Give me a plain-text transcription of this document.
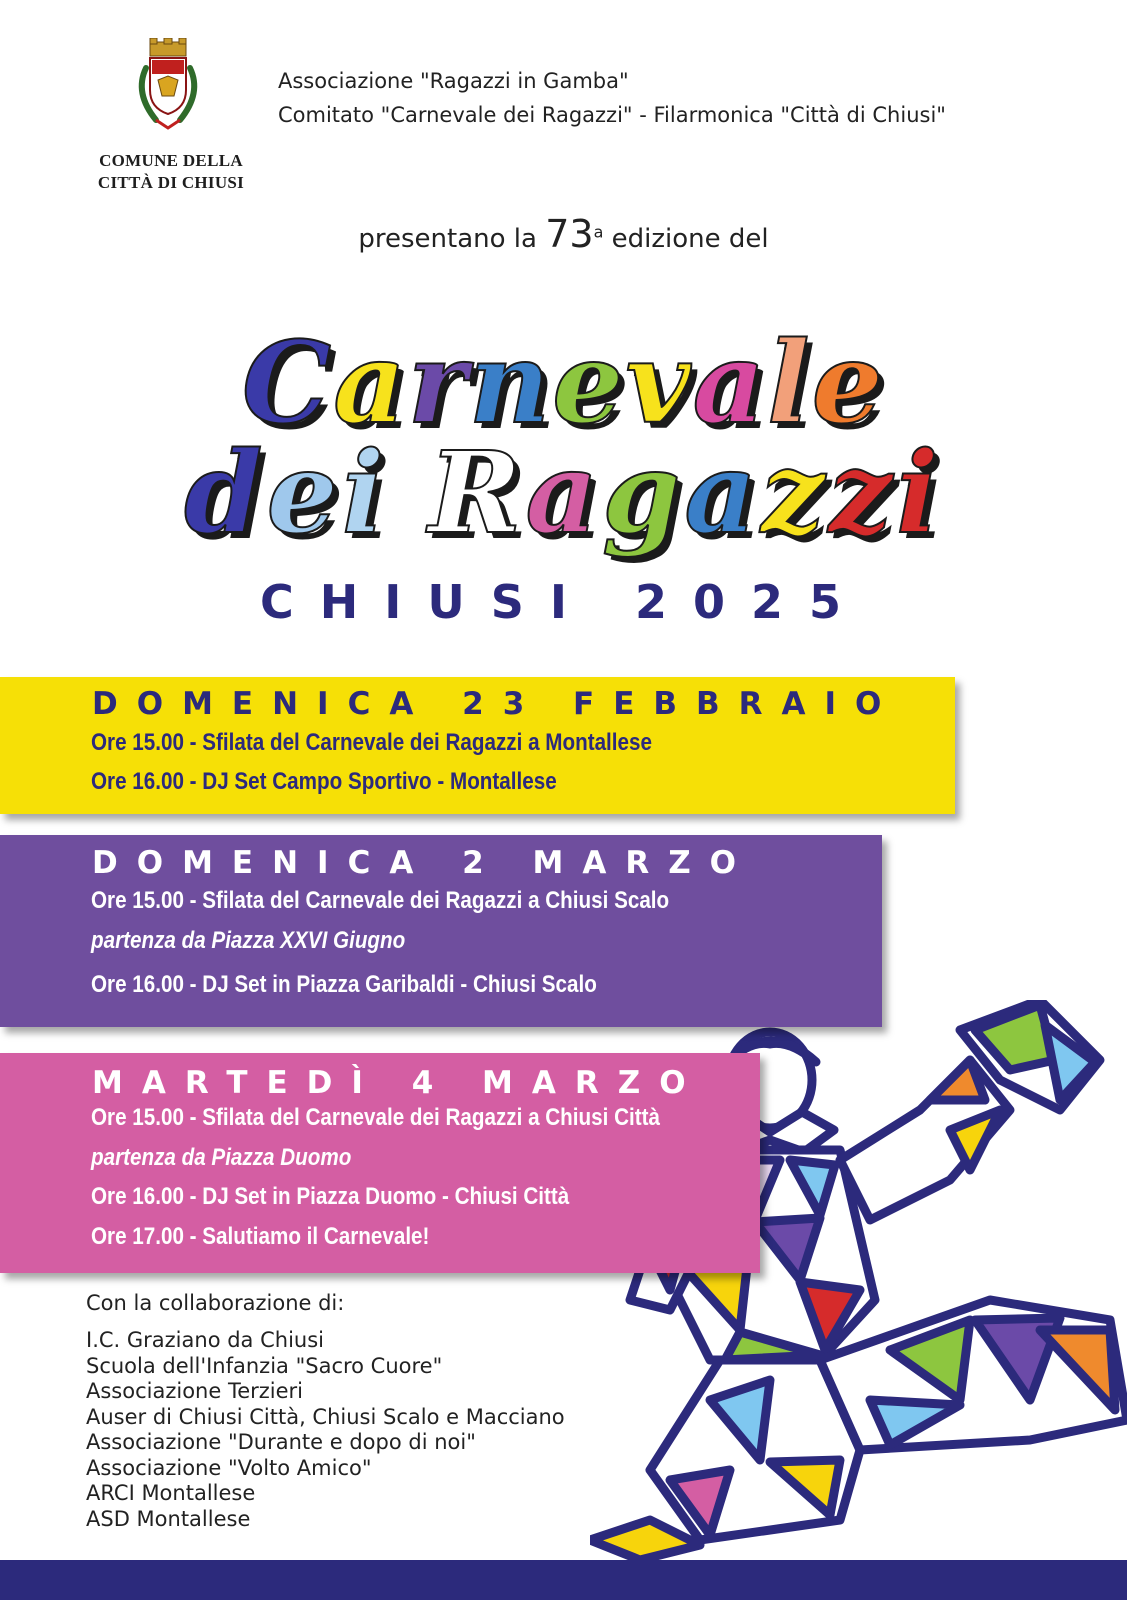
COMUNE DELLA
CITTÀ DI CHIUSI
Associazione "Ragazzi in Gamba"
Comitato "Carnevale dei Ragazzi" - Filarmonica "Città di Chiusi"
presentano la 73$^a$ edizione del
Carnevale
dei Ragazzi
CHIUSI 2025
DOMENICA 23 FEBBRAIO
Ore 15.00 - Sfilata del Carnevale dei Ragazzi a Montallese
Ore 16.00 - DJ Set Campo Sportivo - Montallese
DOMENICA 2 MARZO
Ore 15.00 - Sfilata del Carnevale dei Ragazzi a Chiusi Scalo
partenza da Piazza XXVI Giugno
Ore 16.00 - DJ Set in Piazza Garibaldi - Chiusi Scalo
MARTEDÌ 4 MARZO
Ore 15.00 - Sfilata del Carnevale dei Ragazzi a Chiusi Città
partenza da Piazza Duomo
Ore 16.00 - DJ Set in Piazza Duomo - Chiusi Città
Ore 17.00 - Salutiamo il Carnevale!
Con la collaborazione di:
I.C. Graziano da Chiusi
Scuola dell'Infanzia "Sacro Cuore"
Associazione Terzieri
Auser di Chiusi Città, Chiusi Scalo e Macciano
Associazione "Durante e dopo di noi"
Associazione "Volto Amico"
ARCI Montallese
ASD Montallese
